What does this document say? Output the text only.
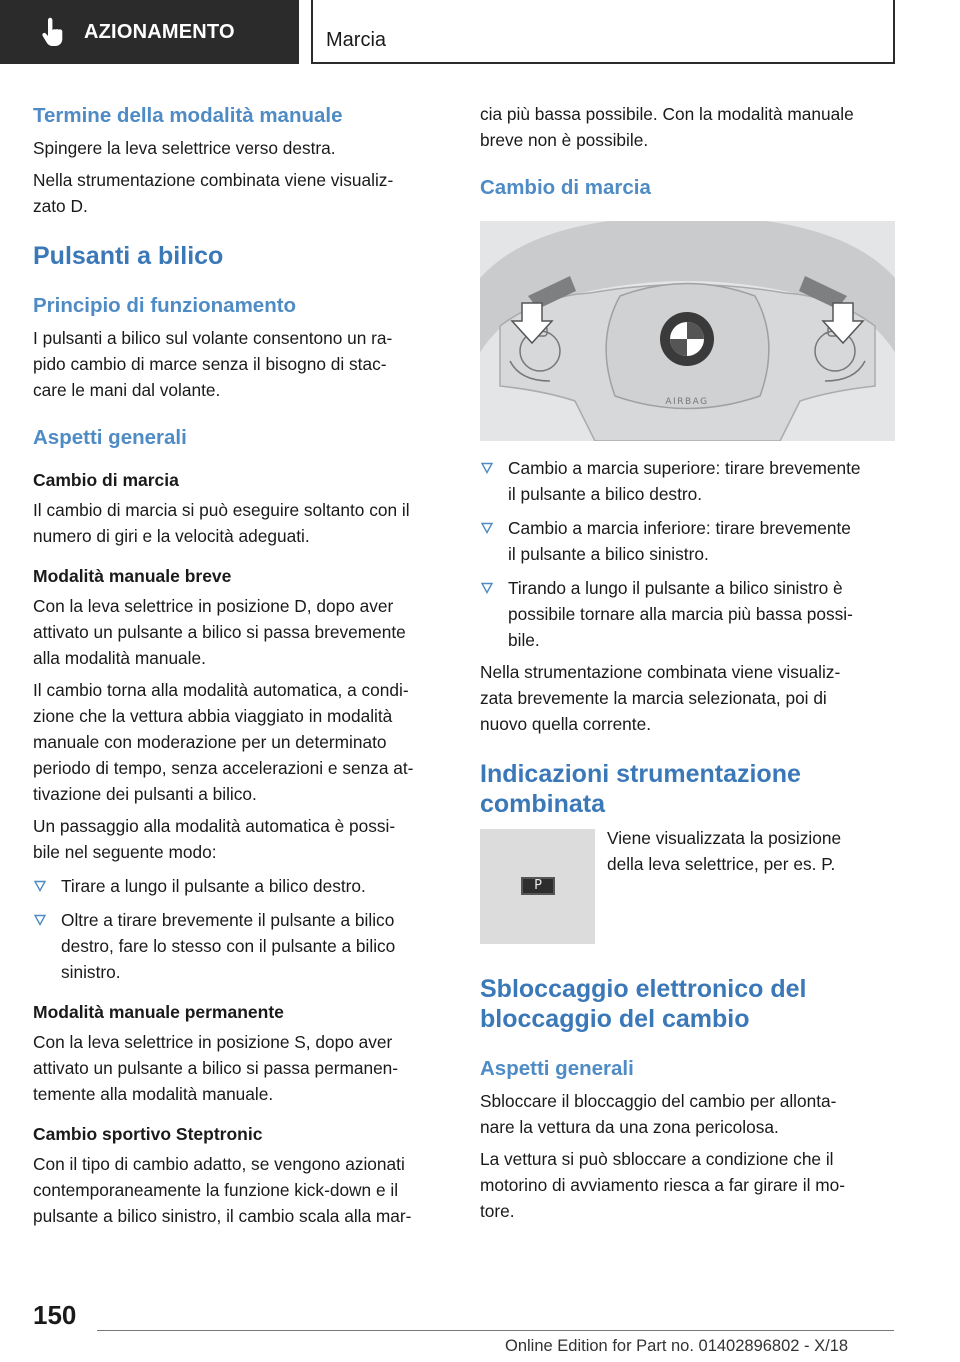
AZIONAMENTO	Marcia
Termine della modalità manuale
Spingere la leva selettrice verso destra.
Nella strumentazione combinata viene visualiz‐
zato D.
Pulsanti a bilico
Principio di funzionamento
I pulsanti a bilico sul volante consentono un ra‐
pido cambio di marce senza il bisogno di stac‐
care le mani dal volante.
Aspetti generali
Cambio di marcia
Il cambio di marcia si può eseguire soltanto con il
numero di giri e la velocità adeguati.
Modalità manuale breve
Con la leva selettrice in posizione D, dopo aver
attivato un pulsante a bilico si passa brevemente
alla modalità manuale.
Il cambio torna alla modalità automatica, a condi‐
zione che la vettura abbia viaggiato in modalità
manuale con moderazione per un determinato
periodo di tempo, senza accelerazioni e senza at‐
tivazione dei pulsanti a bilico.
Un passaggio alla modalità automatica è possi‐
bile nel seguente modo:
Tirare a lungo il pulsante a bilico destro.
Oltre a tirare brevemente il pulsante a bilico
destro, fare lo stesso con il pulsante a bilico
sinistro.
Modalità manuale permanente
Con la leva selettrice in posizione S, dopo aver
attivato un pulsante a bilico si passa permanen‐
temente alla modalità manuale.
Cambio sportivo Steptronic
Con il tipo di cambio adatto, se vengono azionati
contemporaneamente la funzione kick-down e il
pulsante a bilico sinistro, il cambio scala alla mar‐
cia più bassa possibile. Con la modalità manuale
breve non è possibile.
Cambio di marcia
AIRBAG
Cambio a marcia superiore: tirare brevemente
il pulsante a bilico destro.
Cambio a marcia inferiore: tirare brevemente
il pulsante a bilico sinistro.
Tirando a lungo il pulsante a bilico sinistro è
possibile tornare alla marcia più bassa possi‐
bile.
Nella strumentazione combinata viene visualiz‐
zata brevemente la marcia selezionata, poi di
nuovo quella corrente.
Indicazioni strumentazione
combinata
P
Viene visualizzata la posizione
della leva selettrice, per es. P.
Sbloccaggio elettronico del
bloccaggio del cambio
Aspetti generali
Sbloccare il bloccaggio del cambio per allonta‐
nare la vettura da una zona pericolosa.
La vettura si può sbloccare a condizione che il
motorino di avviamento riesca a far girare il mo‐
tore.
150
Online Edition for Part no. 01402896802 - X/18
